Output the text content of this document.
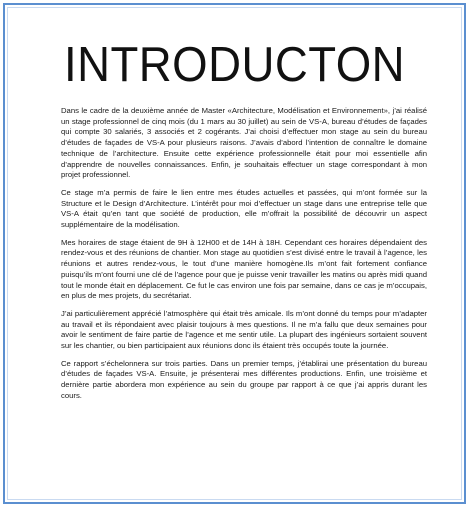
INTRODUCTON

Dans le cadre de la deuxième année de Master «Architecture, Modélisation et Environnement», j’ai réalisé un stage professionnel de cinq mois (du 1 mars au 30 juillet) au sein de VS-A, bureau d’études de façades qui compte 30 salariés, 3 associés et 2 cogérants. J’ai choisi d’effectuer mon stage au sein du bureau d’études de façades de VS-A pour plusieurs raisons. J’avais d’abord l’intention de connaître le domaine technique de l’architecture. Ensuite cette expérience professionnelle était pour moi essentielle afin d’apprendre de nouvelles connaissances. Enfin, je souhaitais effectuer un stage correspondant à mon projet professionnel.

Ce stage m’a permis de faire le lien entre mes études actuelles et passées, qui m’ont formée sur la Structure et le Design d’Architecture. L’intérêt pour moi d’effectuer un stage dans une entreprise telle que VS-A était qu’en tant que société de production, elle m’offrait la possibilité de découvrir un aspect supplémentaire de la modélisation.

Mes horaires de stage étaient de 9H à 12H00 et de 14H à 18H. Cependant ces horaires dépendaient des rendez-vous et des réunions de chantier. Mon stage au quotidien s’est divisé entre le travail à l’agence, les réunions et autres rendez-vous, le tout d’une manière homogène.Ils m’ont fait fortement confiance puisqu’ils m’ont fourni une clé de l’agence pour que je puisse venir travailler les matins ou après midi quand tout le monde était en déplacement. Ce fut le cas environ une fois par semaine, dans ce cas je m’occupais, en plus de mes projets, du secrétariat.

J’ai particulièrement apprécié l’atmosphère qui était très amicale. Ils m’ont donné du temps pour m’adapter au travail et ils répondaient avec plaisir toujours à mes questions. Il ne m’a fallu que deux semaines pour avoir le sentiment de faire partie de l’agence et me sentir utile. La plupart des ingénieurs sortaient souvent sur les chantier, ou bien participaient aux réunions donc ils étaient très occupés toute la journée.

Ce rapport s’échelonnera sur trois parties. Dans un premier temps, j’établirai une présentation du bureau d’études de façades VS-A. Ensuite, je présenterai mes différentes productions. Enfin, une troisième et dernière partie abordera mon expérience au sein du groupe par rapport à ce que j’ai appris durant les cours.
